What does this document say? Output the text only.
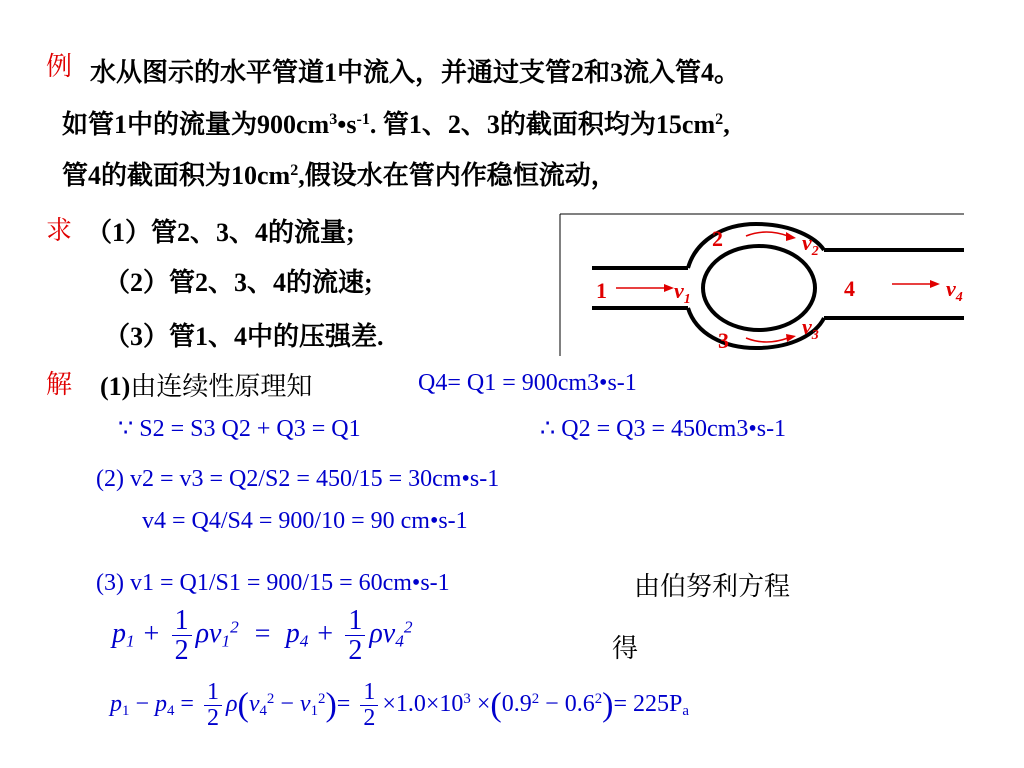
例 水从图示的水平管道1中流入，并通过支管2和3流入管4。
如管1中的流量为$900cm^3•s^{-1}$. 管1、2、3的截面积均为$15cm^2$,
管4的截面积为$10cm^2$,假设水在管内作稳恒流动，
求 （1）管2、3、4的流量;
（2）管2、3、4的流速;
（3）管1、4中的压强差.
1
2
3
4
$v_1$
$v_2$
$v_3$
$v_4$
解 (1)由连续性原理知	Q4= Q1 = 900cm3•s-1
∵ S2 = S3 Q2 + Q3 = Q1	∴ Q2 = Q3 = 450cm3•s-1
(2) v2 = v3 = Q2/S2 = 450/15 = 30cm•s-1
v4 = Q4/S4 = 900/10 = 90 cm•s-1
(3) v1 = Q1/S1 = 900/15 = 60cm•s-1	由伯努利方程
$p_1 + \frac{1}{2} \rho v_1^2 = p_4 + \frac{1}{2} \rho v_4^2$
得
$p_1 - p_4 = \frac{1}{2} \rho(v_4^2 - v_1^2)= \frac{1}{2} \times 1.0\times 10^3 \times(0.9^2 - 0.6^2)= 225P_a$
